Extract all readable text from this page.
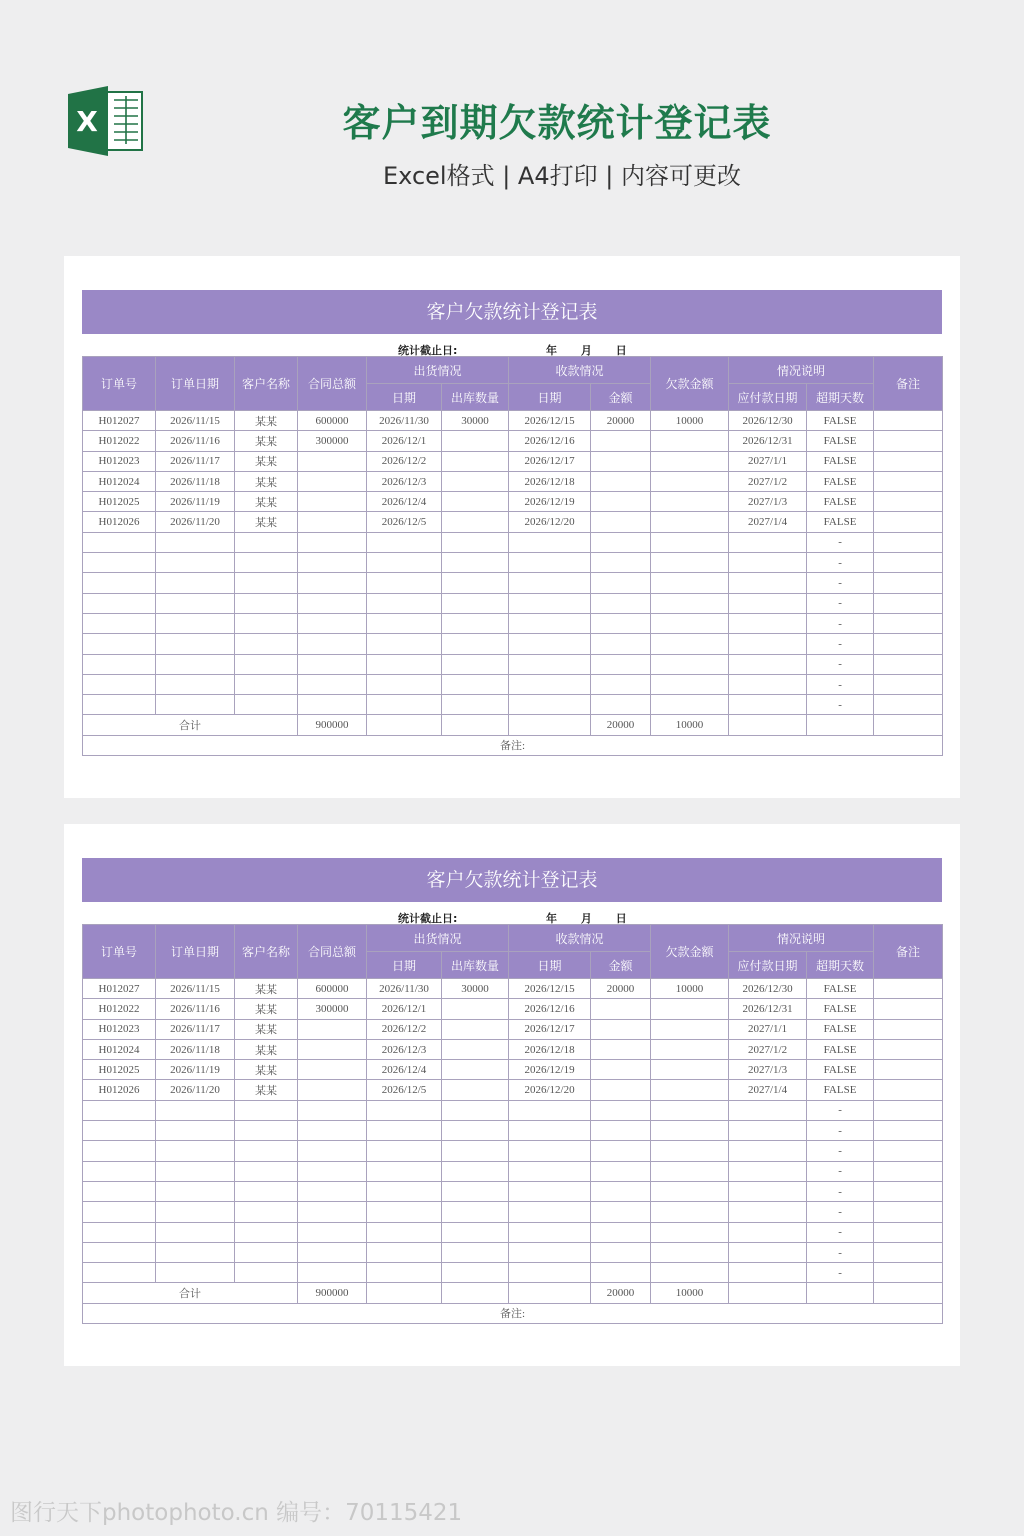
X	客户到期欠款统计登记表
Excel格式 | A4打印 | 内容可更改
客户欠款统计登记表
统计截止日:	年 月 日
订单号	订单日期	客户名称	合同总额	出货情况		收款情况		欠款金额	情况说明		备注
				日期	出库数量	日期	金额		应付款日期	超期天数	
H012027	2026/11/15	某某	600000	2026/11/30	30000	2026/12/15	20000	10000	2026/12/30	FALSE	
H012022	2026/11/16	某某	300000	2026/12/1		2026/12/16			2026/12/31	FALSE	
H012023	2026/11/17	某某		2026/12/2		2026/12/17			2027/1/1	FALSE	
H012024	2026/11/18	某某		2026/12/3		2026/12/18			2027/1/2	FALSE	
H012025	2026/11/19	某某		2026/12/4		2026/12/19			2027/1/3	FALSE	
H012026	2026/11/20	某某		2026/12/5		2026/12/20			2027/1/4	FALSE	
										-	
										-	
										-	
										-	
										-	
										-	
										-	
										-	
										-	
合计			900000				20000	10000			
备注:											
客户欠款统计登记表
统计截止日:	年 月 日
订单号	订单日期	客户名称	合同总额	出货情况		收款情况		欠款金额	情况说明		备注
				日期	出库数量	日期	金额		应付款日期	超期天数	
H012027	2026/11/15	某某	600000	2026/11/30	30000	2026/12/15	20000	10000	2026/12/30	FALSE	
H012022	2026/11/16	某某	300000	2026/12/1		2026/12/16			2026/12/31	FALSE	
H012023	2026/11/17	某某		2026/12/2		2026/12/17			2027/1/1	FALSE	
H012024	2026/11/18	某某		2026/12/3		2026/12/18			2027/1/2	FALSE	
H012025	2026/11/19	某某		2026/12/4		2026/12/19			2027/1/3	FALSE	
H012026	2026/11/20	某某		2026/12/5		2026/12/20			2027/1/4	FALSE	
										-	
										-	
										-	
										-	
										-	
										-	
										-	
										-	
										-	
合计			900000				20000	10000			
备注:											
图行天下photophoto.cn 编号：70115421
